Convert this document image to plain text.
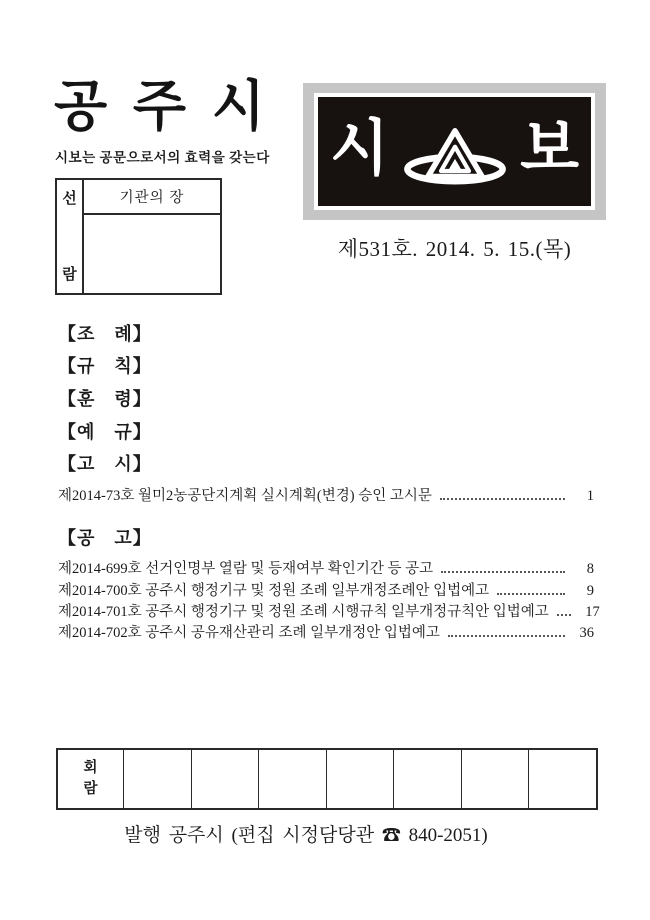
공 주 시
시보는 공문으로서의 효력을 갖는다
선
람
기관의 장
시 보
제531호. 2014. 5. 15.(목)
【조　례】
【규　칙】
【훈　령】
【예　규】
【고　시】
제2014-73호 월미2농공단지계획 실시계획(변경) 승인 고시문	1
【공　고】
제2014-699호 선거인명부 열람 및 등재여부 확인기간 등 공고	8
제2014-700호 공주시 행정기구 및 정원 조례 일부개정조례안 입법예고	9
제2014-701호 공주시 행정기구 및 정원 조례 시행규칙 일부개정규칙안 입법예고	17
제2014-702호 공주시 공유재산관리 조례 일부개정안 입법예고	36
회
람
발행 공주시 (편집 시정담당관 ☎ 840-2051)
